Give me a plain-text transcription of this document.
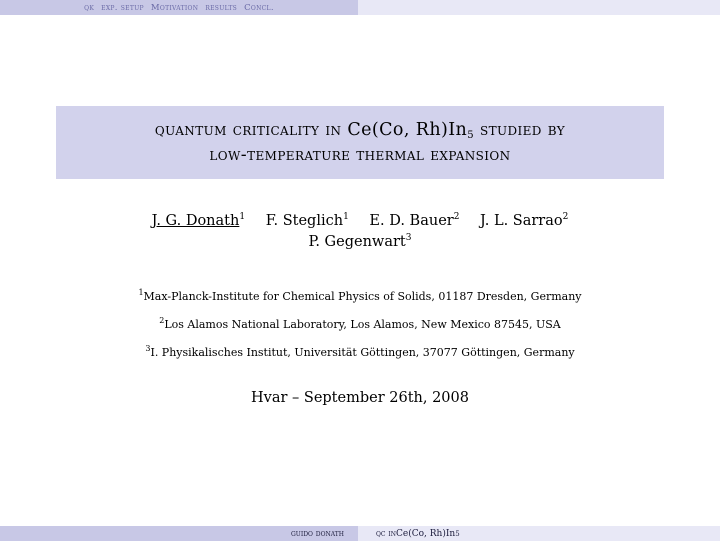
qk exp. setup Motivation results Concl.
quantum criticality in Ce(Co, $Rh)In_5$ studied by
low-temperature thermal expansion
J. G. Donath$^1$ F. Steglich$^1$ E. D. Bauer$^2$ J. L. Sarrao$^2$
P. Gegenwart$^3$
$^1$Max-Planck-Institute for Chemical Physics of Solids, 01187 Dresden, Germany
$^2$Los Alamos National Laboratory, Los Alamos, New Mexico 87545, USA
$^3$I. Physikalisches Institut, Universität Göttingen, 37077 Göttingen, Germany
Hvar – September 26th, 2008
guido donath	qc in Ce(Co, Rh)In 5
